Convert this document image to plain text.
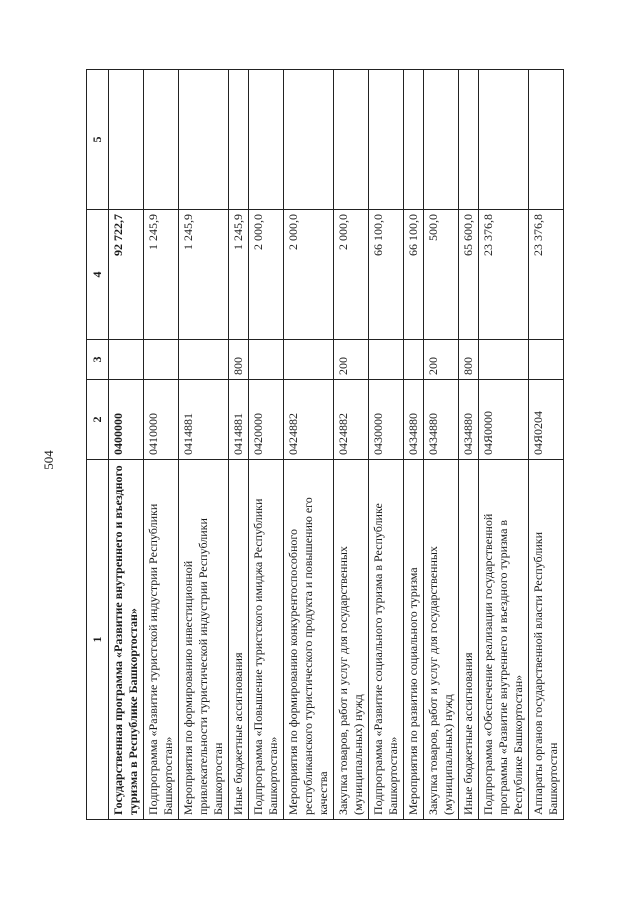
504
1	2	3	4	5
Государственная программа «Развитие внутреннего и въездного туризма в Республике Башкортостан»	0400000		92 722,7	
Подпрограмма «Развитие туристской индустрии Республики Башкортостан»	0410000		1 245,9	
Мероприятия по формированию инвестиционной привлекательности туристической индустрии Республики Башкортостан	0414881		1 245,9	
Иные бюджетные ассигнования	0414881	800	1 245,9	
Подпрограмма «Повышение туристского имиджа Республики Башкортостан»	0420000		2 000,0	
Мероприятия по формированию конкурентоспособного республиканского туристического продукта и повышению его качества	0424882		2 000,0	
Закупка товаров, работ и услуг для государственных (муниципальных) нужд	0424882	200	2 000,0	
Подпрограмма «Развитие социального туризма в Республике Башкортостан»	0430000		66 100,0	
Мероприятия по развитию социального туризма	0434880		66 100,0	
Закупка товаров, работ и услуг для государственных (муниципальных) нужд	0434880	200	500,0	
Иные бюджетные ассигнования	0434880	800	65 600,0	
Подпрограмма «Обеспечение реализации государственной программы «Развитие внутреннего и въездного туризма в Республике Башкортостан»	04Я0000		23 376,8	
Аппараты органов государственной власти Республики Башкортостан	04Я0204		23 376,8	
